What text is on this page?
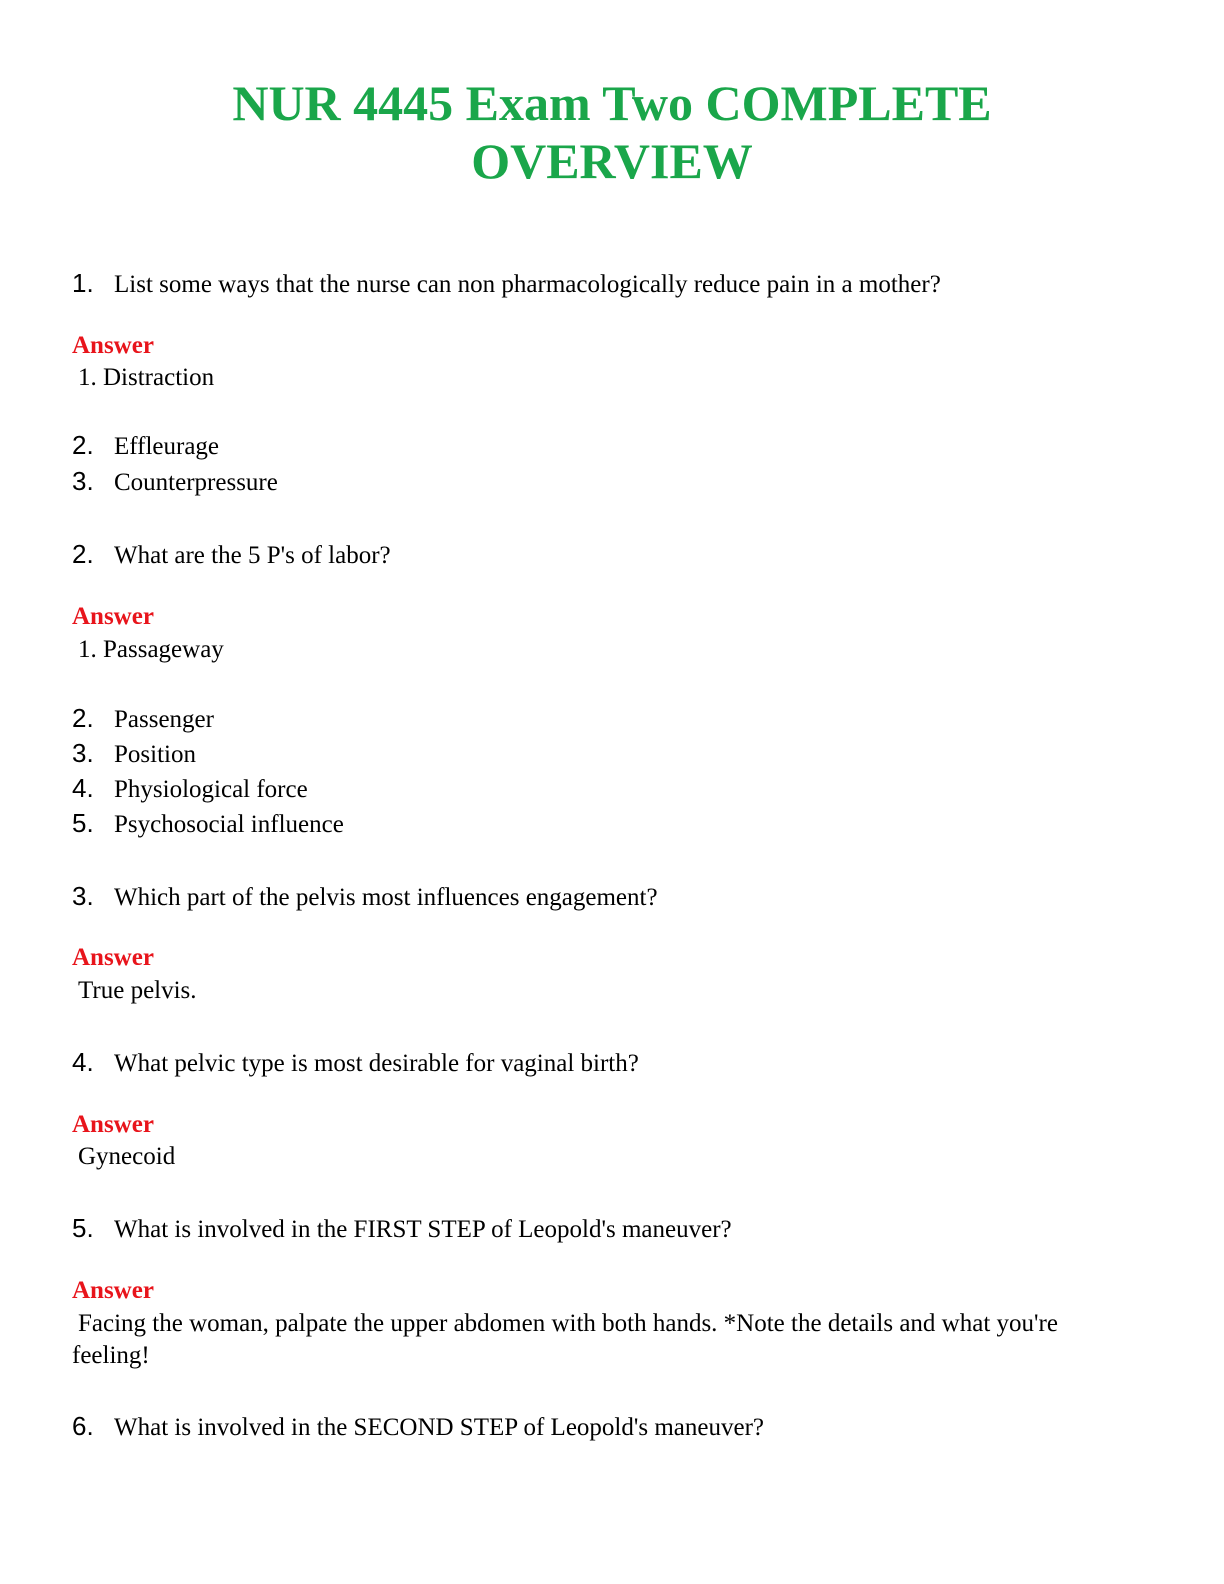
NUR 4445 Exam Two COMPLETE
OVERVIEW
1. List some ways that the nurse can non pharmacologically reduce pain in a mother?
Answer
1. Distraction
2. Effleurage
3. Counterpressure
2. What are the 5 P's of labor?
Answer
1. Passageway
2. Passenger
3. Position
4. Physiological force
5. Psychosocial influence
3. Which part of the pelvis most influences engagement?
Answer
True pelvis.
4. What pelvic type is most desirable for vaginal birth?
Answer
Gynecoid
5. What is involved in the FIRST STEP of Leopold's maneuver?
Answer
Facing the woman, palpate the upper abdomen with both hands. *Note the details and what you're feeling!
6. What is involved in the SECOND STEP of Leopold's maneuver?
